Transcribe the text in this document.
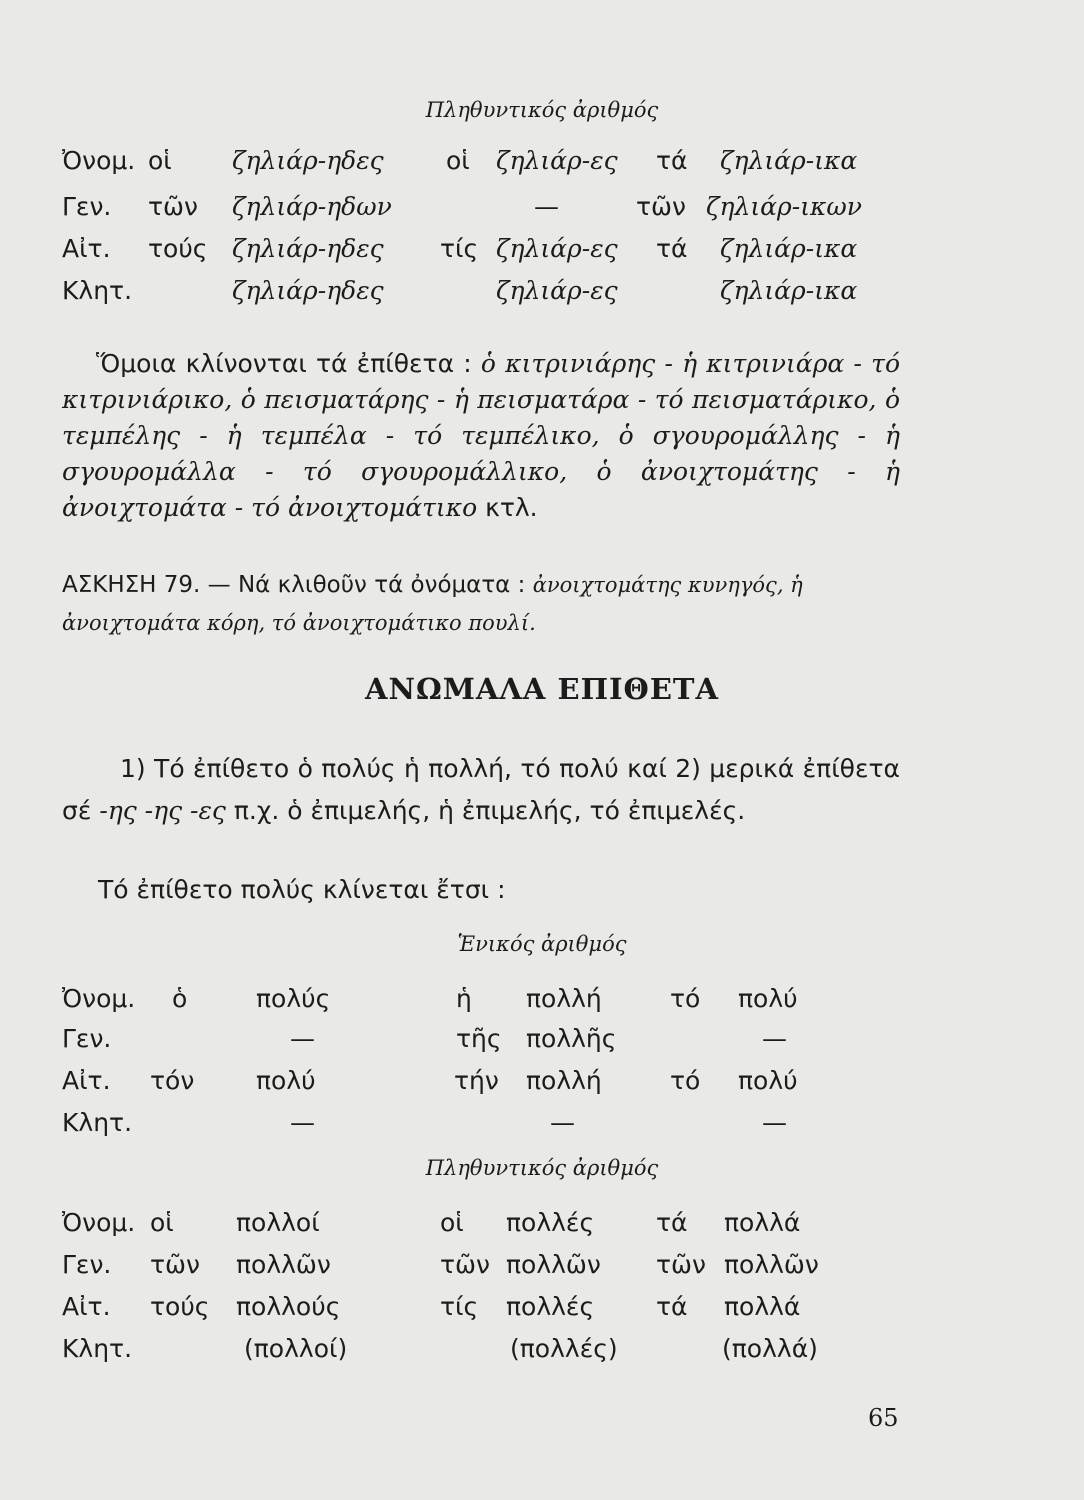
Πληθυντικός ἀριθμός
Ὀνομ. οἱ ζηλιάρ-ηδες οἱ ζηλιάρ-ες τά ζηλιάρ-ικα
Γεν. τῶν ζηλιάρ-ηδων	—	τῶν ζηλιάρ-ικων
Αἰτ. τούς ζηλιάρ-ηδες τίς ζηλιάρ-ες τά ζηλιάρ-ικα
Κλητ.	ζηλιάρ-ηδες	ζηλιάρ-ες	ζηλιάρ-ικα
Ὅμοια κλίνονται τά ἐπίθετα : ὁ κιτρινιάρης - ἡ κιτρινιάρα - τό κιτρινιάρικο, ὁ πεισματάρης - ἡ πεισματάρα - τό πεισματάρικο, ὁ τεμπέλης - ἡ τεμπέλα - τό τεμπέλικο, ὁ σγουρομάλλης - ἡ σγουρομάλλα - τό σγουρομάλλικο, ὁ ἀνοιχτομάτης - ἡ ἀνοιχτομάτα - τό ἀνοιχτομάτικο κτλ.
ΑΣΚΗΣΗ 79. — Νά κλιθοῦν τά ὀνόματα : ἀνοιχτομάτης κυνηγός, ἡ ἀνοιχτομάτα κόρη, τό ἀνοιχτομάτικο πουλί.
ΑΝΩΜΑΛΑ ΕΠΙΘΕΤΑ
1) Τό ἐπίθετο ὁ πολύς ἡ πολλή, τό πολύ καί 2) μερικά ἐπίθετα σέ -ης -ης -ες π.χ. ὁ ἐπιμελής, ἡ ἐπιμελής, τό ἐπιμελές.
Τό ἐπίθετο πολύς κλίνεται ἔτσι :
Ἑνικός ἀριθμός
Ὀνομ. ὁ	πολύς	ἡ πολλή	τό πολύ
Γεν.	—	τῆς πολλῆς	—
Αἰτ. τόν πολύ	τήν πολλή	τό πολύ
Κλητ.	—	—	—
Πληθυντικός ἀριθμός
Ὀνομ. οἱ πολλοί	οἱ πολλές τά πολλά
Γεν. τῶν πολλῶν	τῶν πολλῶν τῶν πολλῶν
Αἰτ. τούς πολλούς	τίς πολλές τά πολλά
Κλητ.	(πολλοί)	(πολλές)	(πολλά)
65
